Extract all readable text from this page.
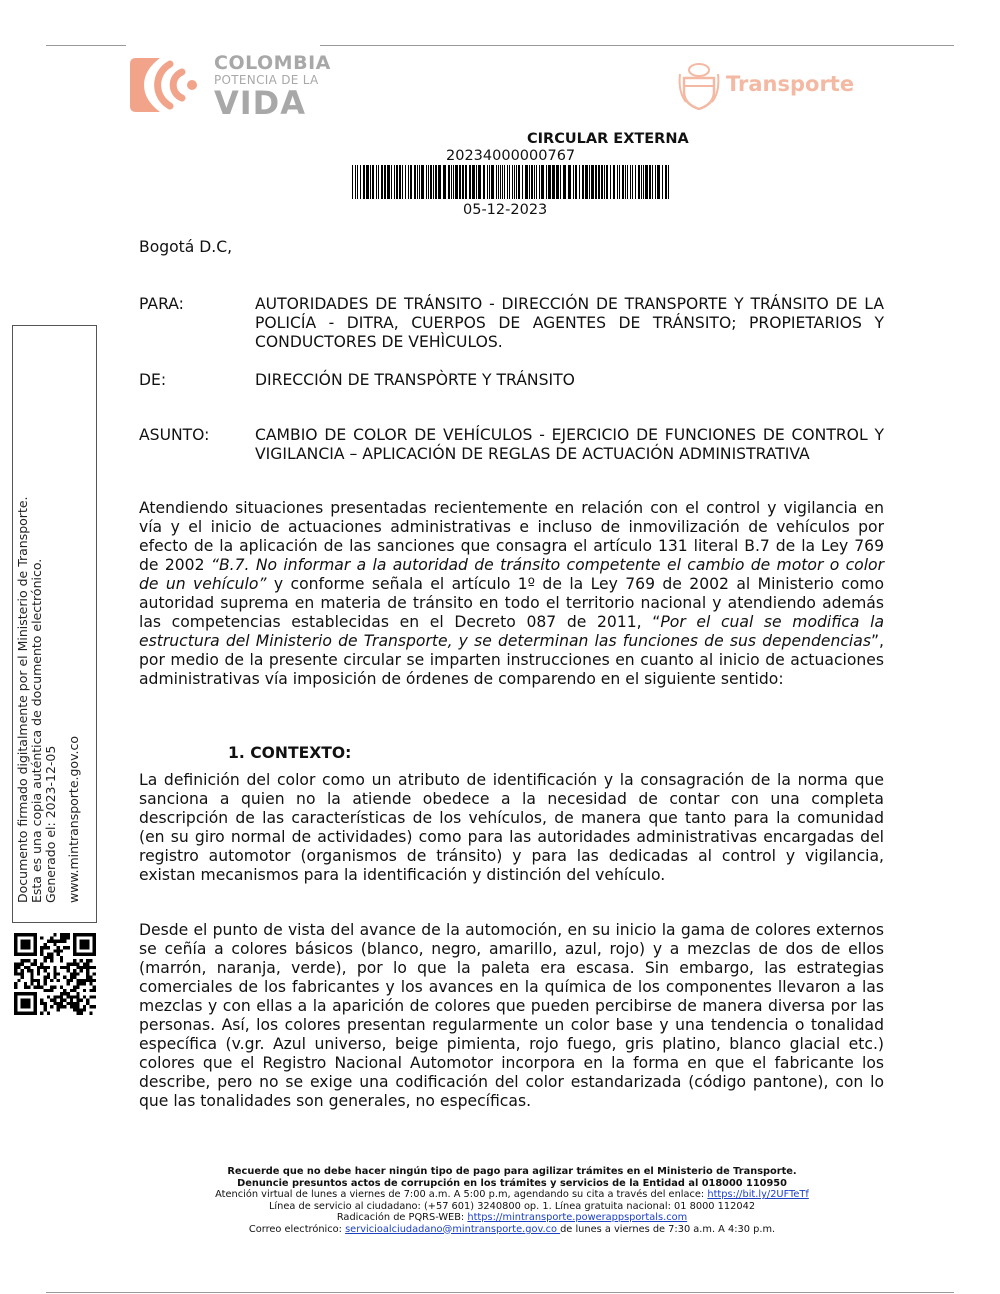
COLOMBIA
POTENCIA DE LA
VIDA	Transporte
CIRCULAR EXTERNA
20234000000767
05-12-2023
Bogotá D.C,
PARA:	AUTORIDADES DE TRÁNSITO - DIRECCIÓN DE TRANSPORTE Y TRÁNSITO DE LA POLICÍA - DITRA, CUERPOS DE AGENTES DE TRÁNSITO; PROPIETARIOS Y CONDUCTORES DE VEHÌCULOS.
DE:	DIRECCIÓN DE TRANSPÒRTE Y TRÁNSITO
ASUNTO:	CAMBIO DE COLOR DE VEHÍCULOS - EJERCICIO DE FUNCIONES DE CONTROL Y VIGILANCIA – APLICACIÓN DE REGLAS DE ACTUACIÓN ADMINISTRATIVA
Atendiendo situaciones presentadas recientemente en relación con el control y vigilancia en vía y el inicio de actuaciones administrativas e incluso de inmovilización de vehículos por efecto de la aplicación de las sanciones que consagra el artículo 131 literal B.7 de la Ley 769 de 2002 “B.7. No informar a la autoridad de tránsito competente el cambio de motor o color de un vehículo” y conforme señala el artículo 1º de la Ley 769 de 2002 al Ministerio como autoridad suprema en materia de tránsito en todo el territorio nacional y atendiendo además las competencias establecidas en el Decreto 087 de 2011, “Por el cual se modifica la estructura del Ministerio de Transporte, y se determinan las funciones de sus dependencias”, por medio de la presente circular se imparten instrucciones en cuanto al inicio de actuaciones administrativas vía imposición de órdenes de comparendo en el siguiente sentido:
1. CONTEXTO:
La definición del color como un atributo de identificación y la consagración de la norma que sanciona a quien no la atiende obedece a la necesidad de contar con una completa descripción de las características de los vehículos, de manera que tanto para la comunidad (en su giro normal de actividades) como para las autoridades administrativas encargadas del registro automotor (organismos de tránsito) y para las dedicadas al control y vigilancia, existan mecanismos para la identificación y distinción del vehículo.
Desde el punto de vista del avance de la automoción, en su inicio la gama de colores externos se ceñía a colores básicos (blanco, negro, amarillo, azul, rojo) y a mezclas de dos de ellos (marrón, naranja, verde), por lo que la paleta era escasa. Sin embargo, las estrategias comerciales de los fabricantes y los avances en la química de los componentes llevaron a las mezclas y con ellas a la aparición de colores que pueden percibirse de manera diversa por las personas. Así, los colores presentan regularmente un color base y una tendencia o tonalidad específica (v.gr. Azul universo, beige pimienta, rojo fuego, gris platino, blanco glacial etc.) colores que el Registro Nacional Automotor incorpora en la forma en que el fabricante los describe, pero no se exige una codificación del color estandarizada (código pantone), con lo que las tonalidades son generales, no específicas.
Documento firmado digitalmente por el Ministerio de Transporte. Esta es una copia auténtica de documento electrónico. Generado el: 2023-12-05 www.mintransporte.gov.co
Recuerde que no debe hacer ningún tipo de pago para agilizar trámites en el Ministerio de Transporte.
Denuncie presuntos actos de corrupción en los trámites y servicios de la Entidad al 018000 110950
Atención virtual de lunes a viernes de 7:00 a.m. A 5:00 p.m, agendando su cita a través del enlace: https://bit.ly/2UFTeTf
Línea de servicio al ciudadano: (+57 601) 3240800 op. 1. Línea gratuita nacional: 01 8000 112042
Radicación de PQRS-WEB: https://mintransporte.powerappsportals.com
Correo electrónico: servicioalciudadano@mintransporte.gov.co de lunes a viernes de 7:30 a.m. A 4:30 p.m.
